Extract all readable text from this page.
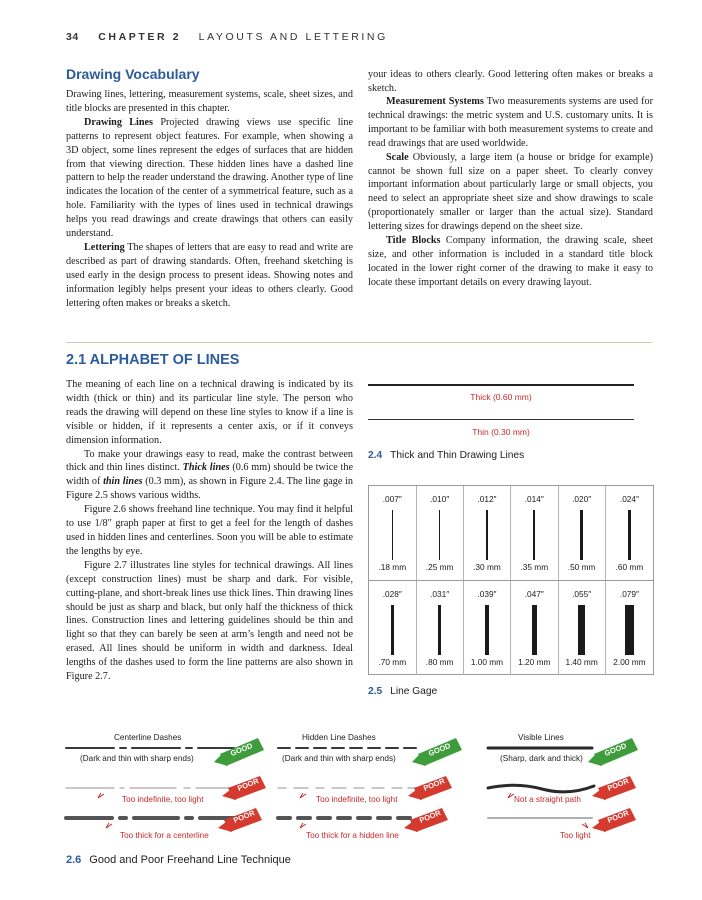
34 CHAPTER 2 LAYOUTS AND LETTERING
Drawing Vocabulary

Drawing lines, lettering, measurement systems, scale, sheet sizes, and title blocks are presented in this chapter.

Drawing Lines Projected drawing views use specific line patterns to represent object features. For example, when showing a 3D object, some lines represent the edges of surfaces that are hidden from that viewing direction. These hidden lines have a dashed line pattern to help the reader understand the drawing. Another type of line indicates the location of the center of a symmetrical feature, such as a hole. Familiarity with the types of lines used in technical drawings helps you read drawings and create drawings that others can easily understand.

Lettering The shapes of letters that are easy to read and write are described as part of drawing standards. Often, freehand sketching is used early in the design process to present ideas. Showing notes and information legibly helps present your ideas to others clearly. Good lettering often makes or breaks a sketch.

your ideas to others clearly. Good lettering often makes or breaks a sketch.

Measurement Systems Two measurements systems are used for technical drawings: the metric system and U.S. customary units. It is important to be familiar with both measurement systems to create and read drawings that are used worldwide.

Scale Obviously, a large item (a house or bridge for example) cannot be shown full size on a paper sheet. To clearly convey important information about particularly large or small objects, you need to select an appropriate sheet size and show drawings to scale (proportionately smaller or larger than the actual size). Standard lettering sizes for drawings depend on the sheet size.

Title Blocks Company information, the drawing scale, sheet size, and other information is included in a standard title block located in the lower right corner of the drawing to make it easy to locate these important details on every drawing layout.

2.1 ALPHABET OF LINES

The meaning of each line on a technical drawing is indicated by its width (thick or thin) and its particular line style. The person who reads the drawing will depend on these line styles to know if a line is visible or hidden, if it represents a center axis, or if it conveys dimension information.

To make your drawings easy to read, make the contrast between thick and thin lines distinct. Thick lines (0.6 mm) should be twice the width of thin lines (0.3 mm), as shown in Figure 2.4. The line gage in Figure 2.5 shows various widths.

Figure 2.6 shows freehand line technique. You may find it helpful to use 1/8″ graph paper at first to get a feel for the length of dashes used in hidden lines and centerlines. Soon you will be able to estimate the lengths by eye.

Figure 2.7 illustrates line styles for technical drawings. All lines (except construction lines) must be sharp and dark. For visible, cutting-plane, and short-break lines use thick lines. Thin drawing lines should be just as sharp and black, but only half the thickness of thick lines. Construction lines and lettering guidelines should be thin and light so that they can barely be seen at arm’s length and need not be erased. All lines should be uniform in width and darkness. Ideal lengths of the dashes used to form the line patterns are also shown in Figure 2.7.

Thick (0.60 mm)
Thin (0.30 mm)
2.4 Thick and Thin Drawing Lines
.007″
.18 mm
.010″
.25 mm
.012″
.30 mm
.014″
.35 mm
.020″
.50 mm
.024″
.60 mm
.028″
.70 mm
.031″
.80 mm
.039″
1.00 mm
.047″
1.20 mm
.055″
1.40 mm
.079″
2.00 mm
2.5 Line Gage
Centerline Dashes
(Dark and thin with sharp ends)
Too indefinite, too light
Too thick for a centerline
Hidden Line Dashes
(Dark and thin with sharp ends)
Too indefinite, too light
Too thick for a hidden line
Visible Lines
(Sharp, dark and thick)
Not a straight path
Too light
GOOD	GOOD	GOOD
POOR
POOR
POOR
POOR
POOR
POOR
2.6 Good and Poor Freehand Line Technique
